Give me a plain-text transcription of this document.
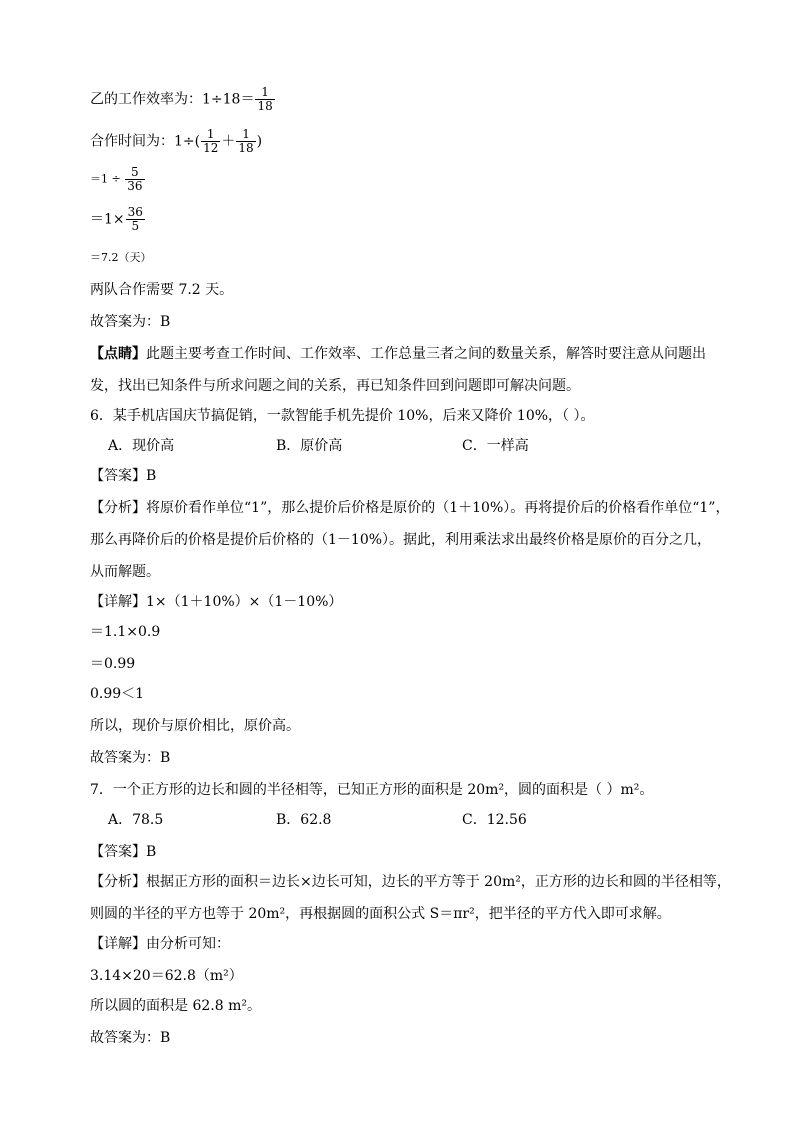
乙的工作效率为：$1\div 18= \frac{1}{18}$
合作时间为：$1\div( \frac{1}{12} + \frac{1}{18}$ )
$=1 \div \frac{5}{36}$
$=1\times \frac{36}{5}$
＝7.2（天）
两队合作需要 7.2 天。
故答案为：B
【点睛】此题主要考查工作时间、工作效率、工作总量三者之间的数量关系，解答时要注意从问题出
发，找出已知条件与所求问题之间的关系，再已知条件回到问题即可解决问题。
6．某手机店国庆节搞促销，一款智能手机先提价 10%，后来又降价 10%，（ ）。
A．现价高	B．原价高	C．一样高
【答案】B
【分析】将原价看作单位“1”，那么提价后价格是原价的（1＋10%）。再将提价后的价格看作单位“1”，
那么再降价后的价格是提价后价格的（1－10%）。据此，利用乘法求出最终价格是原价的百分之几，
从而解题。
【详解】1×（1＋10%）×（1－10%）
＝1.1×0.9
＝0.99
0.99＜1
所以，现价与原价相比，原价高。
故答案为：B
7．一个正方形的边长和圆的半径相等，已知正方形的面积是 20m²，圆的面积是（ ）m²。
A．78.5	B．62.8	C．12.56
【答案】B
【分析】根据正方形的面积＝边长×边长可知，边长的平方等于 20m²，正方形的边长和圆的半径相等，
则圆的半径的平方也等于 20m²，再根据圆的面积公式 S＝πr²，把半径的平方代入即可求解。
【详解】由分析可知：
3.14×20＝62.8（m²）
所以圆的面积是 62.8 m²。
故答案为：B
